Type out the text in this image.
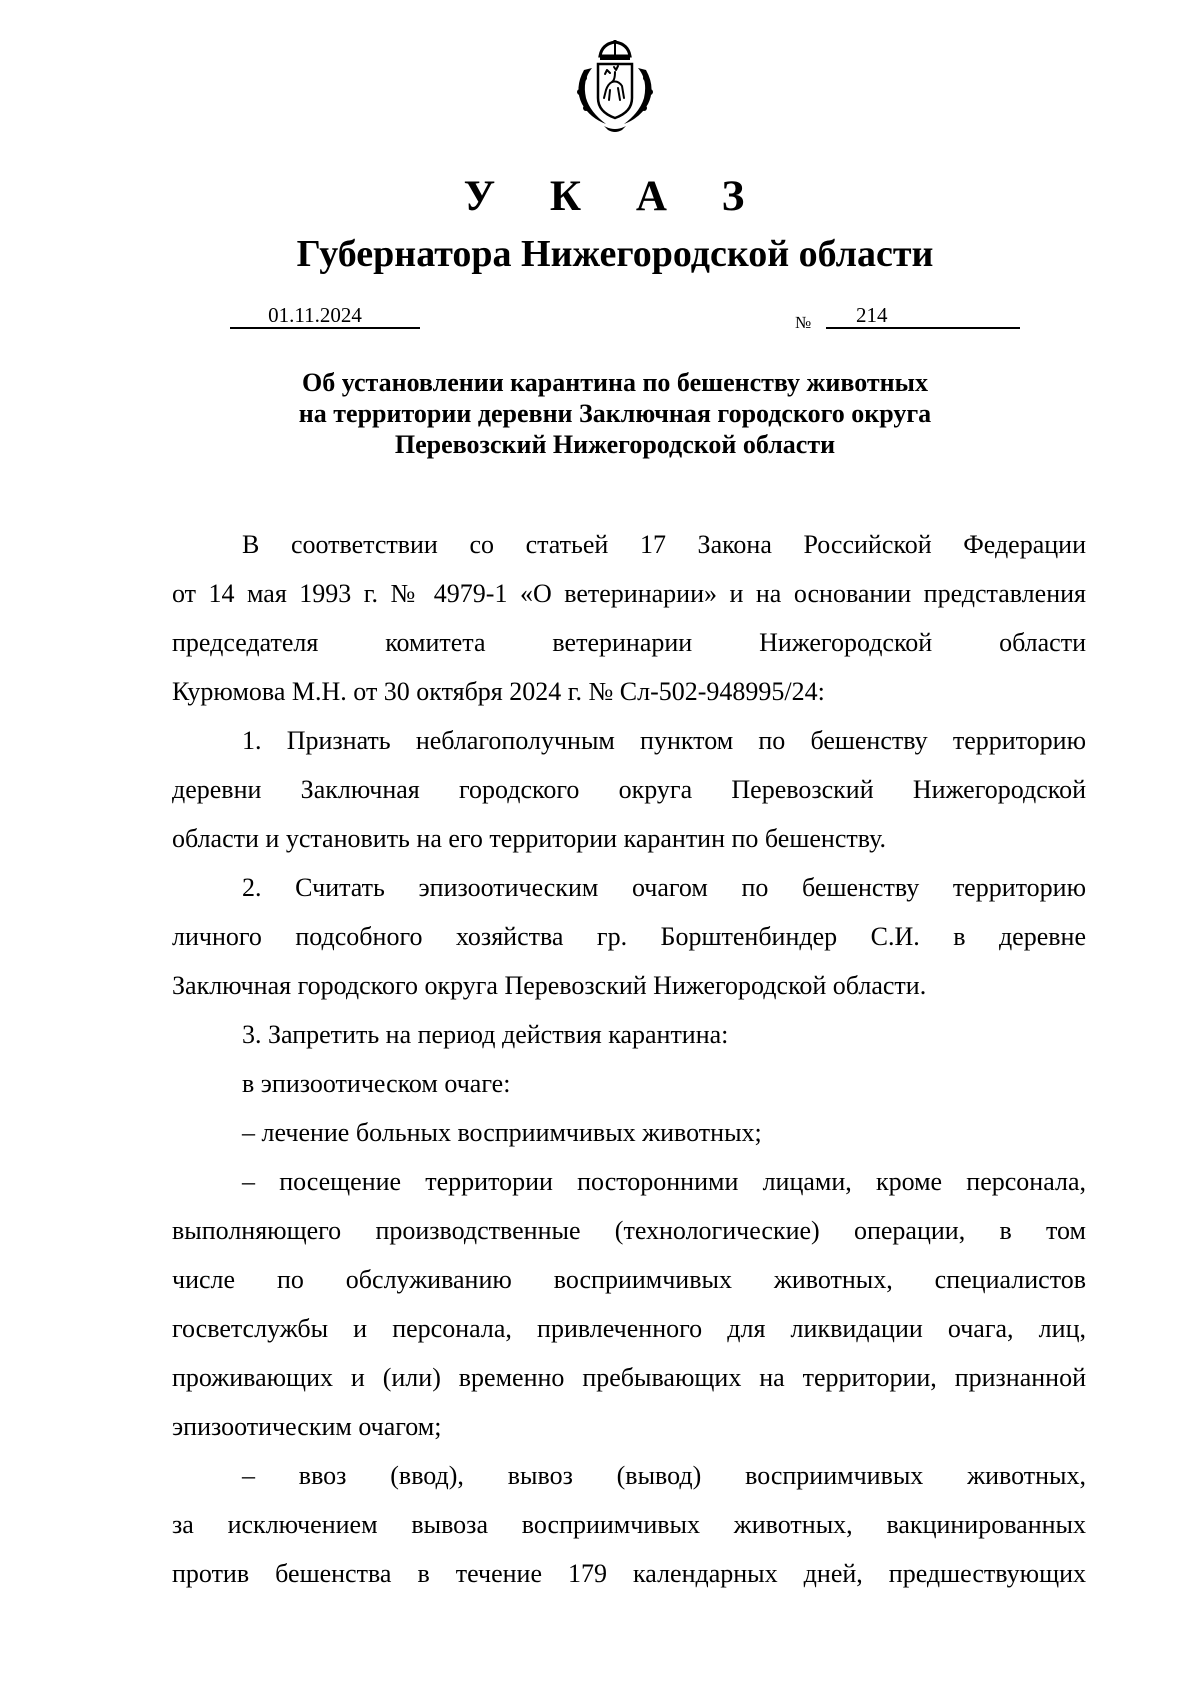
У К А З
Губернатора Нижегородской области
01.11.2024	№	214
Об установлении карантина по бешенству животных
на территории деревни Заключная городского округа
Перевозский Нижегородской области
В соответствии со статьей 17 Закона Российской Федерации
от 14 мая 1993 г. № 4979-1 «О ветеринарии» и на основании представления
председателя комитета ветеринарии Нижегородской области
Курюмова М.Н. от 30 октября 2024 г. № Сл-502-948995/24:
1. Признать неблагополучным пунктом по бешенству территорию
деревни Заключная городского округа Перевозский Нижегородской
области и установить на его территории карантин по бешенству.
2. Считать эпизоотическим очагом по бешенству территорию
личного подсобного хозяйства гр. Борштенбиндер С.И. в деревне
Заключная городского округа Перевозский Нижегородской области.
3. Запретить на период действия карантина:
в эпизоотическом очаге:
– лечение больных восприимчивых животных;
– посещение территории посторонними лицами, кроме персонала,
выполняющего производственные (технологические) операции, в том
числе по обслуживанию восприимчивых животных, специалистов
госветслужбы и персонала, привлеченного для ликвидации очага, лиц,
проживающих и (или) временно пребывающих на территории, признанной
эпизоотическим очагом;
– ввоз (ввод), вывоз (вывод) восприимчивых животных,
за исключением вывоза восприимчивых животных, вакцинированных
против бешенства в течение 179 календарных дней, предшествующих
